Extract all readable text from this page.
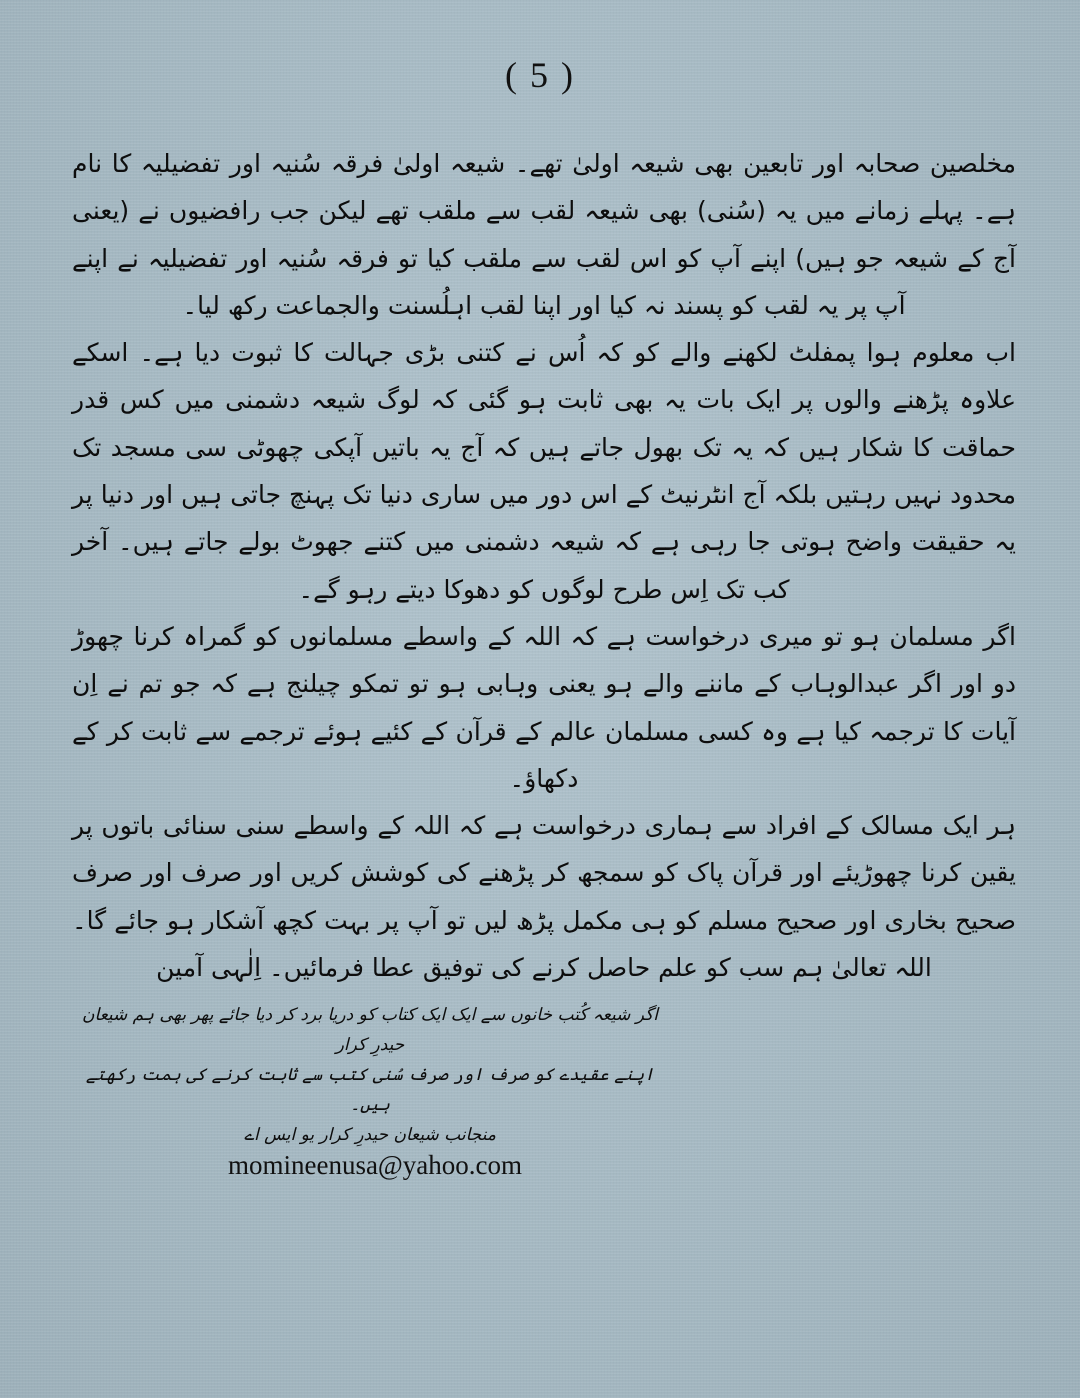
( 5 )

مخلصین صحابہ اور تابعین بھی شیعہ اولیٰ تھے۔ شیعہ اولیٰ فرقہ سُنیہ اور تفضیلیہ کا نام ہے۔ پہلے زمانے میں یہ (سُنی) بھی شیعہ لقب سے ملقب تھے لیکن جب رافضیوں نے (یعنی آج کے شیعہ جو ہیں) اپنے آپ کو اس لقب سے ملقب کیا تو فرقہ سُنیہ اور تفضیلیہ نے اپنے آپ پر یہ لقب کو پسند نہ کیا اور اپنا لقب اہلُسنت والجماعت رکھ لیا۔

اب معلوم ہوا پمفلٹ لکھنے والے کو کہ اُس نے کتنی بڑی جہالت کا ثبوت دیا ہے۔ اسکے علاوہ پڑھنے والوں پر ایک بات یہ بھی ثابت ہو گئی کہ لوگ شیعہ دشمنی میں کس قدر حماقت کا شکار ہیں کہ یہ تک بھول جاتے ہیں کہ آج یہ باتیں آپکی چھوٹی سی مسجد تک محدود نہیں رہتیں بلکہ آج انٹرنیٹ کے اس دور میں ساری دنیا تک پہنچ جاتی ہیں اور دنیا پر یہ حقیقت واضح ہوتی جا رہی ہے کہ شیعہ دشمنی میں کتنے جھوٹ بولے جاتے ہیں۔ آخر کب تک اِس طرح لوگوں کو دھوکا دیتے رہو گے۔

اگر مسلمان ہو تو میری درخواست ہے کہ اللہ کے واسطے مسلمانوں کو گمراہ کرنا چھوڑ دو اور اگر عبدالوہاب کے ماننے والے ہو یعنی وہابی ہو تو تمکو چیلنج ہے کہ جو تم نے اِن آیات کا ترجمہ کیا ہے وہ کسی مسلمان عالم کے قرآن کے کئیے ہوئے ترجمے سے ثابت کر کے دکھاؤ۔

ہر ایک مسالک کے افراد سے ہماری درخواست ہے کہ اللہ کے واسطے سنی سنائی باتوں پر یقین کرنا چھوڑیئے اور قرآن پاک کو سمجھ کر پڑھنے کی کوشش کریں اور صرف اور صرف صحیح بخاری اور صحیح مسلم کو ہی مکمل پڑھ لیں تو آپ پر بہت کچھ آشکار ہو جائے گا۔ اللہ تعالیٰ ہم سب کو علم حاصل کرنے کی توفیق عطا فرمائیں۔ اِلٰہی آمین

اگر شیعہ کُتب خانوں سے ایک ایک کتاب کو دریا برد کر دیا جائے پھر بھی ہم شیعان حیدرِ کرار

اپنے عقیدے کو صرف اور صرف سُنی کتب سے ثابت کرنے کی ہمت رکھتے ہیں۔

منجانب شیعان حیدرِ کرار یو ایس اے

momineenusa@yahoo.com
